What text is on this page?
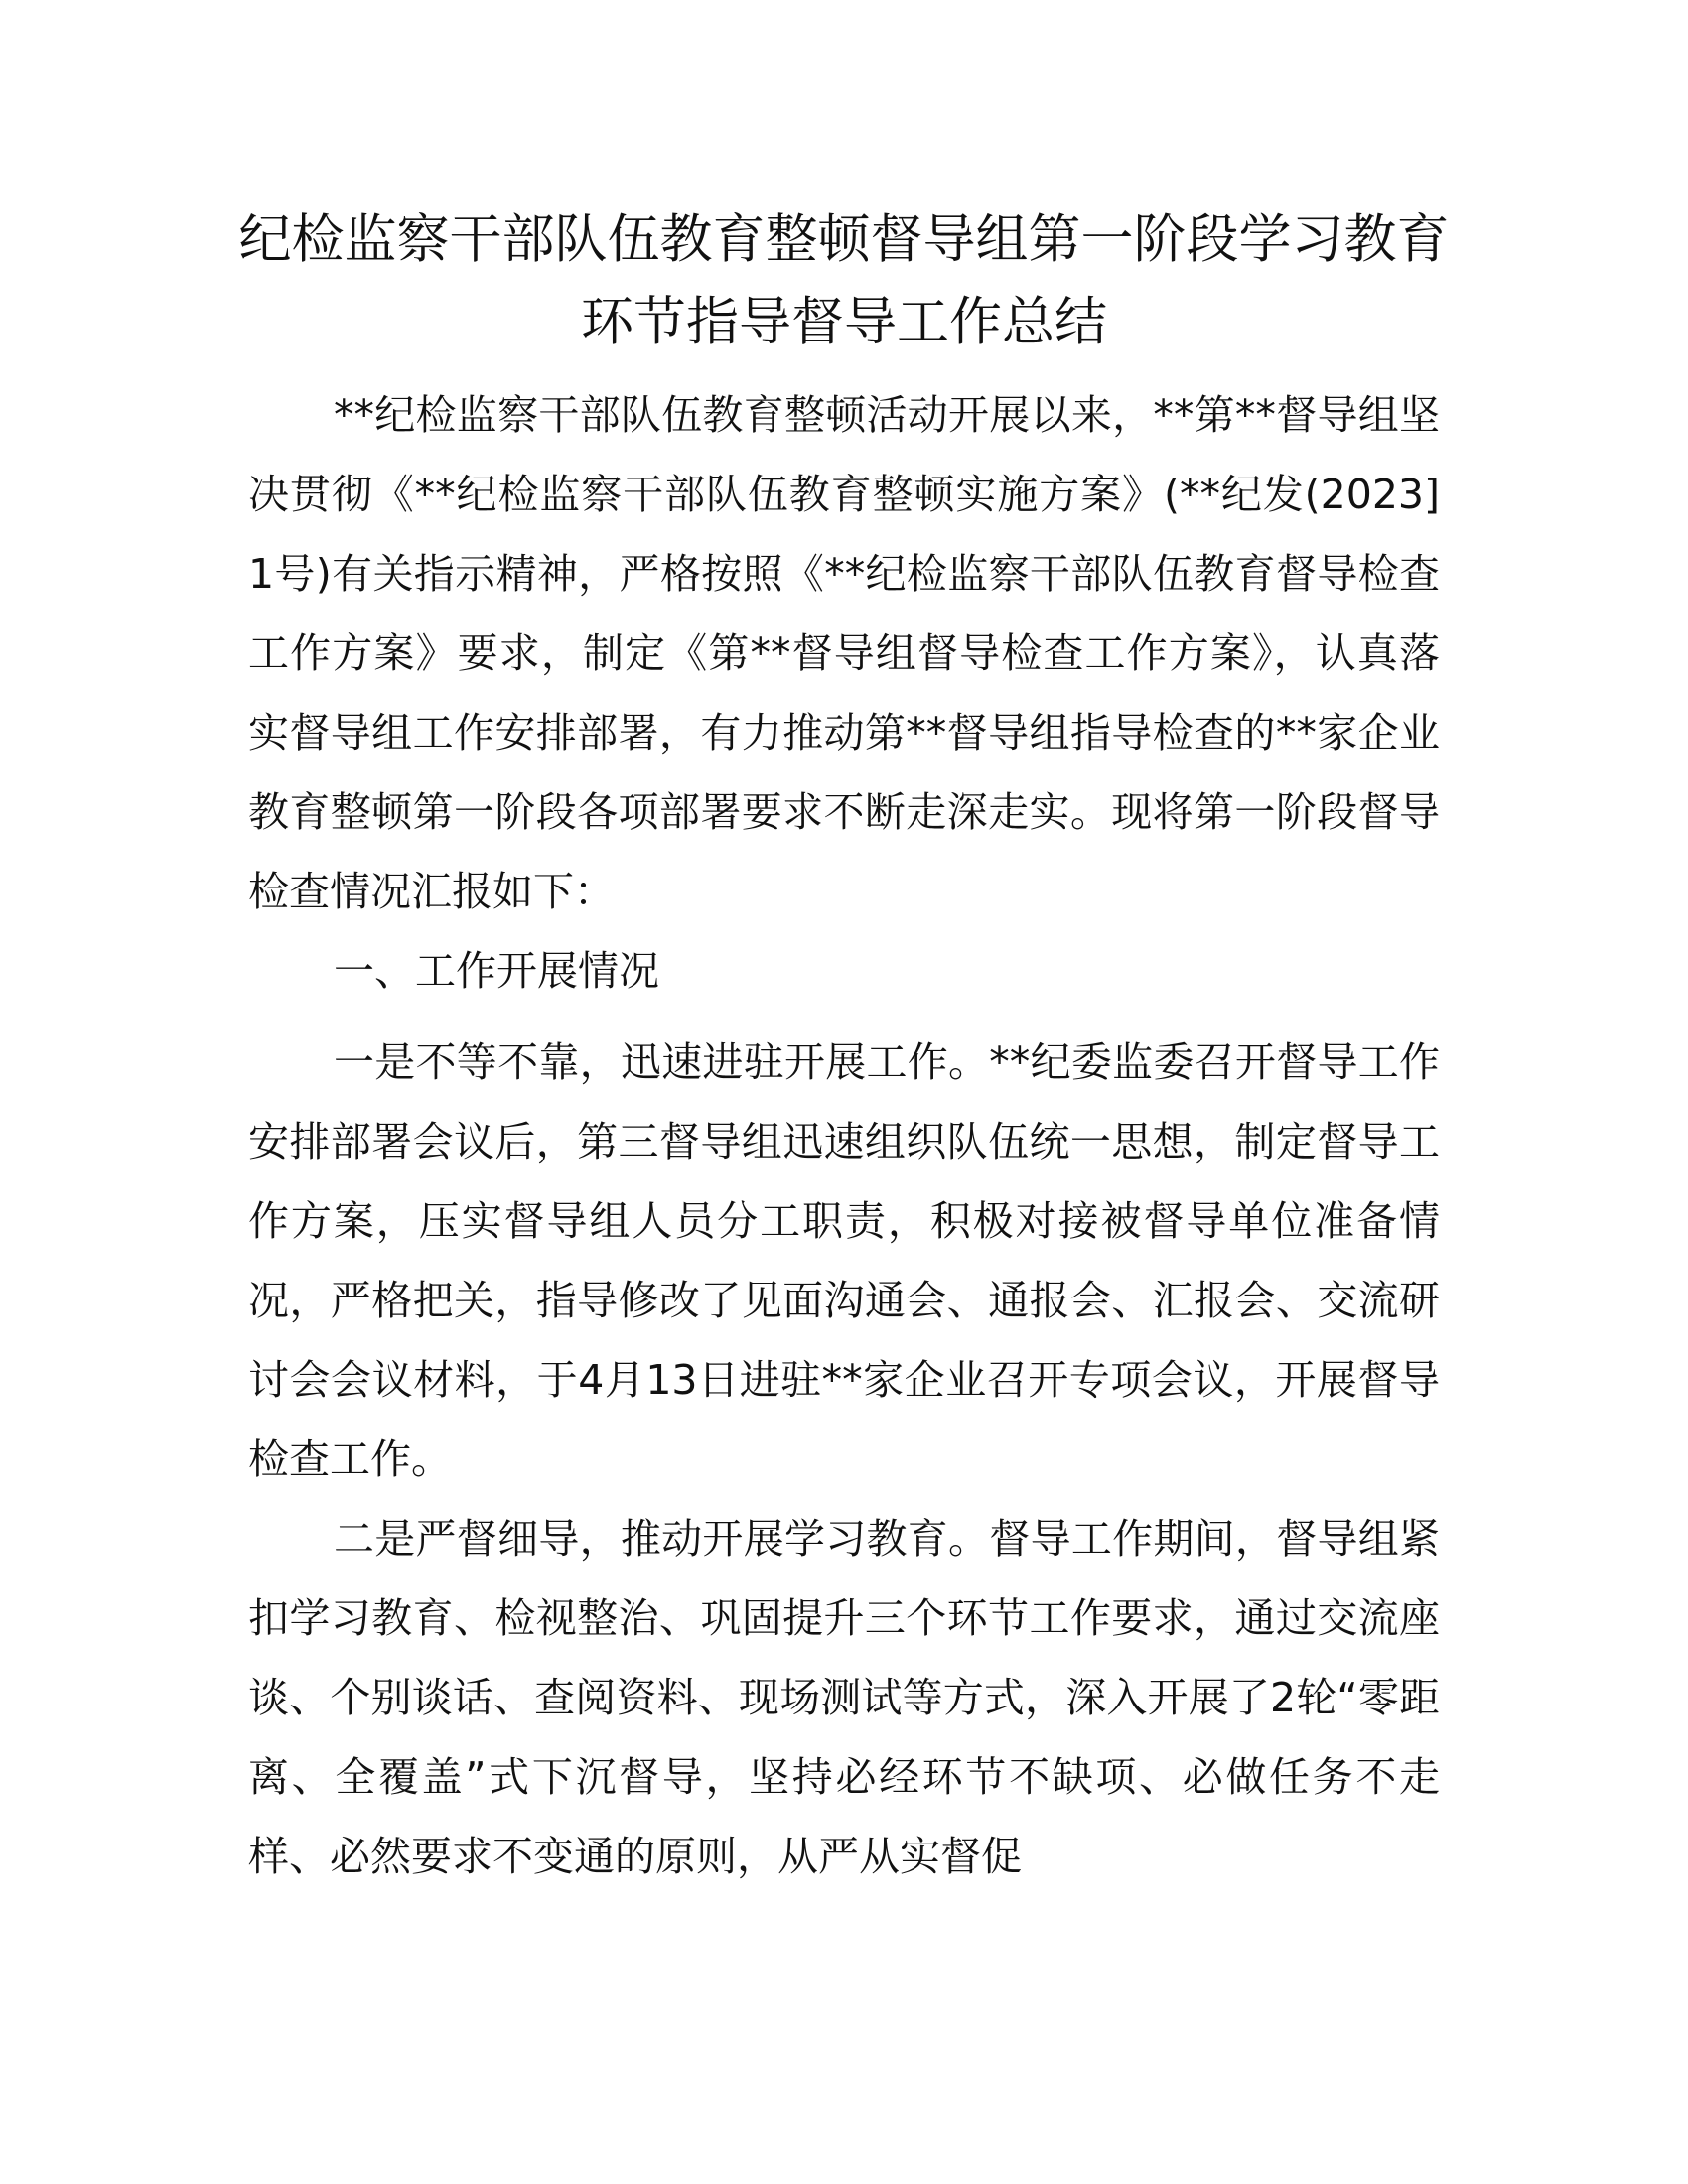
纪检监察干部队伍教育整顿督导组第一阶段学习教育环节指导督导工作总结

**纪检监察干部队伍教育整顿活动开展以来，**第**督导组坚决贯彻《**纪检监察干部队伍教育整顿实施方案》(**纪发(2023]1号)有关指示精神，严格按照《**纪检监察干部队伍教育督导检查工作方案》要求，制定《第**督导组督导检查工作方案》，认真落实督导组工作安排部署，有力推动第**督导组指导检查的**家企业教育整顿第一阶段各项部署要求不断走深走实。现将第一阶段督导检查情况汇报如下：

一、工作开展情况

一是不等不靠，迅速进驻开展工作。**纪委监委召开督导工作安排部署会议后，第三督导组迅速组织队伍统一思想，制定督导工作方案，压实督导组人员分工职责，积极对接被督导单位准备情况，严格把关，指导修改了见面沟通会、通报会、汇报会、交流研讨会会议材料，于4月13日进驻**家企业召开专项会议，开展督导检查工作。

二是严督细导，推动开展学习教育。督导工作期间，督导组紧扣学习教育、检视整治、巩固提升三个环节工作要求，通过交流座谈、个别谈话、查阅资料、现场测试等方式，深入开展了2轮“零距离、全覆盖”式下沉督导，坚持必经环节不缺项、必做任务不走样、必然要求不变通的原则，从严从实督促
